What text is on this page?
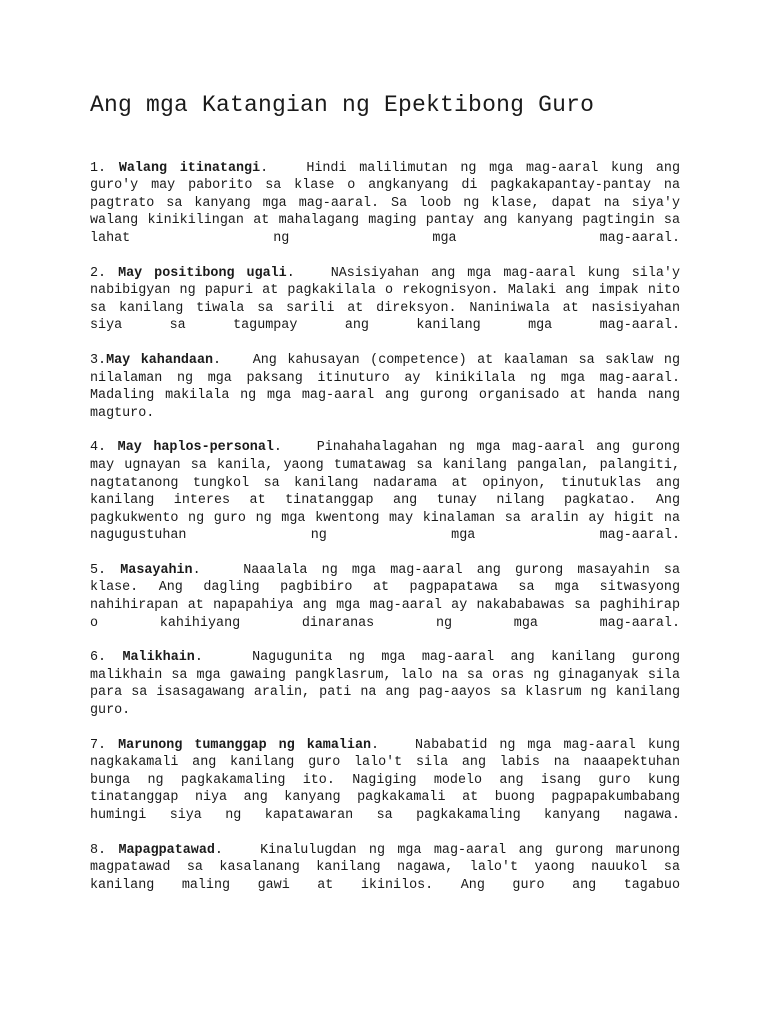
Ang mga Katangian ng Epektibong Guro

1. Walang itinatangi.   Hindi malilimutan ng mga mag-aaral kung ang guro'y may paborito sa klase o angkanyang di pagkakapantay-pantay na pagtrato sa kanyang mga mag-aaral. Sa loob ng klase, dapat na siya'y walang kinikilingan at mahalagang maging pantay ang kanyang pagtingin sa lahat ng mga mag-aaral.

2. May positibong ugali.   NAsisiyahan ang mga mag-aaral kung sila'y nabibigyan ng papuri at pagkakilala o rekognisyon. Malaki ang impak nito sa kanilang tiwala sa sarili at direksyon. Naniniwala at nasisiyahan siya sa tagumpay ang kanilang mga mag-aaral.

3.May kahandaan.   Ang kahusayan (competence) at kaalaman sa saklaw ng nilalaman ng mga paksang itinuturo ay kinikilala ng mga mag-aaral. Madaling makilala ng mga mag-aaral ang gurong organisado at handa nang magturo.

4. May haplos-personal.   Pinahahalagahan ng mga mag-aaral ang gurong may ugnayan sa kanila, yaong tumatawag sa kanilang pangalan, palangiti, nagtatanong tungkol sa kanilang nadarama at opinyon, tinutuklas ang kanilang interes at tinatanggap ang tunay nilang pagkatao. Ang pagkukwento ng guro ng mga kwentong may kinalaman sa aralin ay higit na nagugustuhan ng mga mag-aaral.

5. Masayahin.   Naaalala ng mga mag-aaral ang gurong masayahin sa klase. Ang dagling pagbibiro at pagpapatawa sa mga sitwasyong nahihirapan at napapahiya ang mga mag-aaral ay nakababawas sa paghihirap o kahihiyang dinaranas ng mga mag-aaral.

6. Malikhain.   Nagugunita ng mga mag-aaral ang kanilang gurong malikhain sa mga gawaing pangklasrum, lalo na sa oras ng ginaganyak sila para sa isasagawang aralin, pati na ang pag-aayos sa klasrum ng kanilang guro.

7. Marunong tumanggap ng kamalian.   Nababatid ng mga mag-aaral kung nagkakamali ang kanilang guro lalo't sila ang labis na naaapektuhan bunga ng pagkakamaling ito. Nagiging modelo ang isang guro kung tinatanggap niya ang kanyang pagkakamali at buong pagpapakumbabang humingi siya ng kapatawaran sa pagkakamaling kanyang nagawa.

8. Mapagpatawad.   Kinalulugdan ng mga mag-aaral ang gurong marunong magpatawad sa kasalanang kanilang nagawa, lalo't yaong nauukol sa kanilang maling gawi at ikinilos. Ang guro ang tagabuo
